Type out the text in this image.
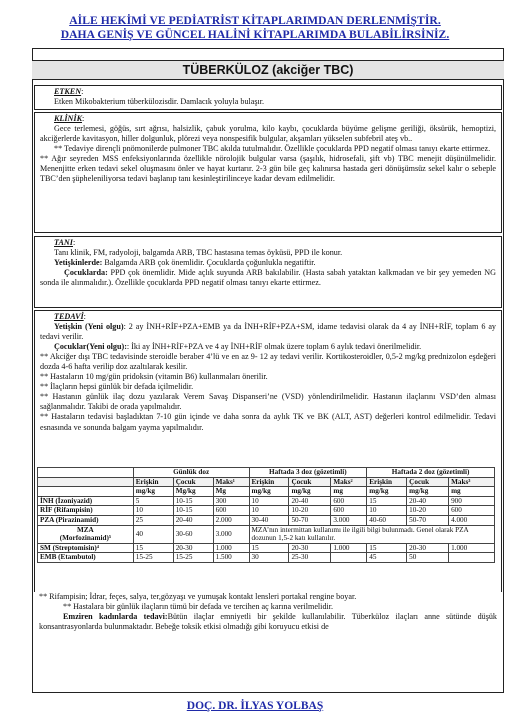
AİLE HEKİMİ VE PEDİATRİST KİTAPLARIMDAN DERLENMİŞTİR.
DAHA GENİŞ VE GÜNCEL HALİNİ KİTAPLARIMDA BULABİLİRSİNİZ.
TÜBERKÜLOZ (akciğer TBC)

ETKEN:

Etken Mikobakterium tüberkülozisdir. Damlacık yoluyla bulaşır.

KLİNİK:

Gece terlemesi, göğüs, sırt ağrısı, halsizlik, çabuk yorulma, kilo kaybı, çocuklarda büyüme gelişme geriliği, öksürük, hemoptizi, akciğerlerde kavitasyon, hiller dolgunluk, plörezi veya nonspesifik bulgular, akşamları yükselen subfebril ateş vb..

** Tedaviye dirençli pnömonilerde pulmoner TBC akılda tutulmalıdır. Özellikle çocuklarda PPD negatif olması tanıyı ekarte ettirmez.

** Ağır seyreden MSS enfeksiyonlarında özellikle nörolojik bulgular varsa (şaşılık, hidrosefali, şift vb) TBC menejit düşünülmelidir. Menenjitte erken tedavi sekel oluşmasını önler ve hayat kurtarır. 2-3 gün bile geç kalınırsa hastada geri dönüşümsüz sekel kalır o sebeple TBC’den şüpheleniliyorsa tedavi başlanıp tanı kesinleştirilinceye kadar devam edilmelidir.

TANI:

Tanı klinik, FM, radyoloji, balgamda ARB, TBC hastasına temas öyküsü, PPD ile konur.

Yetişkinlerde: Balgamda ARB çok önemlidir. Çocuklarda çoğunlukla negatiftir.

Çocuklarda: PPD çok önemlidir. Mide açlık suyunda ARB bakılabilir. (Hasta sabah yataktan kalkmadan ve bir şey yemeden NG sonda ile alınmalıdır.). Özellikle çocuklarda PPD negatif olması tanıyı ekarte ettirmez.

TEDAVİ:

Yetişkin (Yeni olgu): 2 ay İNH+RİF+PZA+EMB ya da İNH+RİF+PZA+SM, idame tedavisi olarak da 4 ay İNH+RİF, toplam 6 ay tedavi verilir.

Çocuklar(Yeni olgu):: İki ay İNH+RİF+PZA ve 4 ay İNH+RİF olmak üzere toplam 6 aylık tedavi önerilmelidir.

** Akciğer dışı TBC tedavisinde steroidle beraber 4’lü ve en az 9- 12 ay tedavi verilir. Kortikosteroidler, 0,5-2 mg/kg prednizolon eşdeğeri dozda 4-6 hafta verilip doz azaltılarak kesilir.

** Hastaların 10 mg/gün pridoksin (vitamin B6) kullanmaları önerilir.

** İlaçların hepsi günlük bir defada içilmelidir.

** Hastanın günlük ilaç dozu yazılarak Verem Savaş Dispanseri’ne (VSD) yönlendirilmelidir. Hastanın ilaçlarını VSD’den alması sağlanmalıdır. Takibi de orada yapılmalıdır.

** Hastaların tedavisi başladıktan 7-10 gün içinde ve daha sonra da aylık TK ve BK (ALT, AST) değerleri kontrol edilmelidir. Tedavi esnasında ve sonunda balgam yayma yapılmalıdır.

	Günlük doz			Haftada 3 doz (gözetimli)			Haftada 2 doz (gözetimli)		
	Erişkin	Çocuk	Maks¹	Erişkin	Çocuk	Maks²	Erişkin	Çocuk	Maks³
	mg/kg	Mg/kg	Mg	mg/kg	mg/kg	mg	mg/kg	mg/kg	mg
İNH (İzoniyazid)	5	10-15	300	10	20-40	600	15	20-40	900
RİF (Rifampisin)	10	10-15	600	10	10-20	600	10	10-20	600
PZA (Pirazinamid)	25	20-40	2.000	30-40	50-70	3.000	40-60	50-70	4.000
MZA
(Morfozinamid)⁵	40	30-60	3.000	MZA’nın intermittan kullanımı ile ilgili bilgi bulunmadı. Genel olarak PZA dozunun 1,5-2 katı kullanılır.					
SM (Streptomisin)⁴	15	20-30	1.000	15	20-30	1.000	15	20-30	1.000
EMB (Etambutol)	15-25	15-25	1.500	30	25-30		45	50	

** Rifampisin; İdrar, feçes, salya, ter,gözyaşı ve yumuşak kontakt lensleri portakal rengine boyar.

** Hastalara bir günlük ilaçların tümü bir defada ve tercihen aç karına verilmelidir.

Emziren kadınlarda tedavi:Bütün ilaçlar emniyetli bir şekilde kullanılabilir. Tüberküloz ilaçları anne sütünde düşük konsantrasyonlarda bulunmaktadır. Bebeğe toksik etkisi olmadığı gibi koruyucu etkisi de

DOÇ. DR. İLYAS YOLBAŞ
